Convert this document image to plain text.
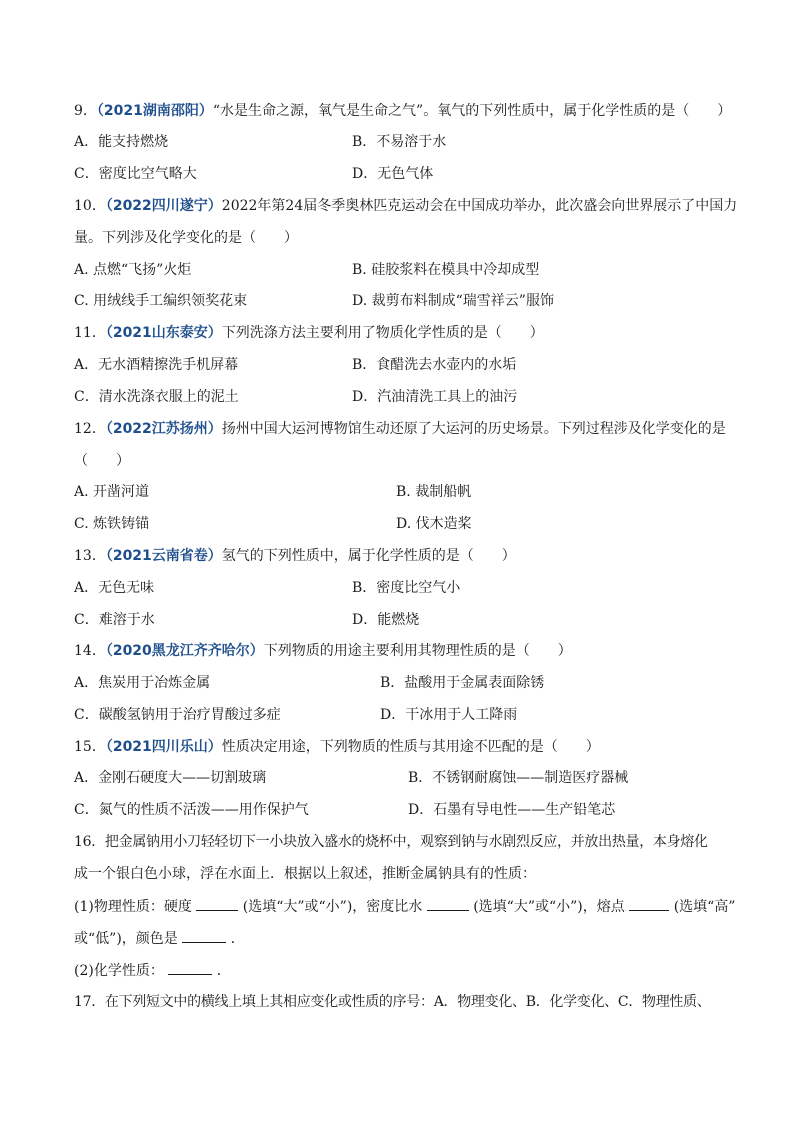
9．（2021湖南邵阳）“水是生命之源，氧气是生命之气”。氧气的下列性质中，属于化学性质的是（　　）
A．能支持燃烧	B．不易溶于水
C．密度比空气略大	D．无色气体
10．（2022四川遂宁）2022年第24届冬季奥林匹克运动会在中国成功举办，此次盛会向世界展示了中国力
量。下列涉及化学变化的是（　　）
A. 点燃“飞扬”火炬	B. 硅胶浆料在模具中冷却成型
C. 用绒线手工编织领奖花束	D. 裁剪布料制成“瑞雪祥云”服饰
11．（2021山东泰安）下列洗涤方法主要利用了物质化学性质的是（　　）
A．无水酒精擦洗手机屏幕	B．食醋洗去水壶内的水垢
C．清水洗涤衣服上的泥土	D．汽油清洗工具上的油污
12．（2022江苏扬州）扬州中国大运河博物馆生动还原了大运河的历史场景。下列过程涉及化学变化的是
（　　）
A. 开凿河道	B. 裁制船帆
C. 炼铁铸锚	D. 伐木造桨
13．（2021云南省卷）氢气的下列性质中，属于化学性质的是（　　）
A．无色无味	B．密度比空气小
C．难溶于水	D．能燃烧
14．（2020黑龙江齐齐哈尔）下列物质的用途主要利用其物理性质的是（　　）
A．焦炭用于冶炼金属	B．盐酸用于金属表面除锈
C．碳酸氢钠用于治疗胃酸过多症	D．干冰用于人工降雨
15．（2021四川乐山）性质决定用途，下列物质的性质与其用途不匹配的是（　　）
A．金刚石硬度大——切割玻璃	B．不锈钢耐腐蚀——制造医疗器械
C．氮气的性质不活泼——用作保护气	D．石墨有导电性——生产铅笔芯
16．把金属钠用小刀轻轻切下一小块放入盛水的烧杯中，观察到钠与水剧烈反应，并放出热量，本身熔化
成一个银白色小球，浮在水面上．根据以上叙述，推断金属钠具有的性质：
(1)物理性质：硬度	(选填“大”或“小”)，密度比水	(选填“大”或“小”)，熔点	(选填“高”
或“低”)，颜色是	．
(2)化学性质：	．
17．在下列短文中的横线上填上其相应变化或性质的序号：A．物理变化、B．化学变化、C．物理性质、
